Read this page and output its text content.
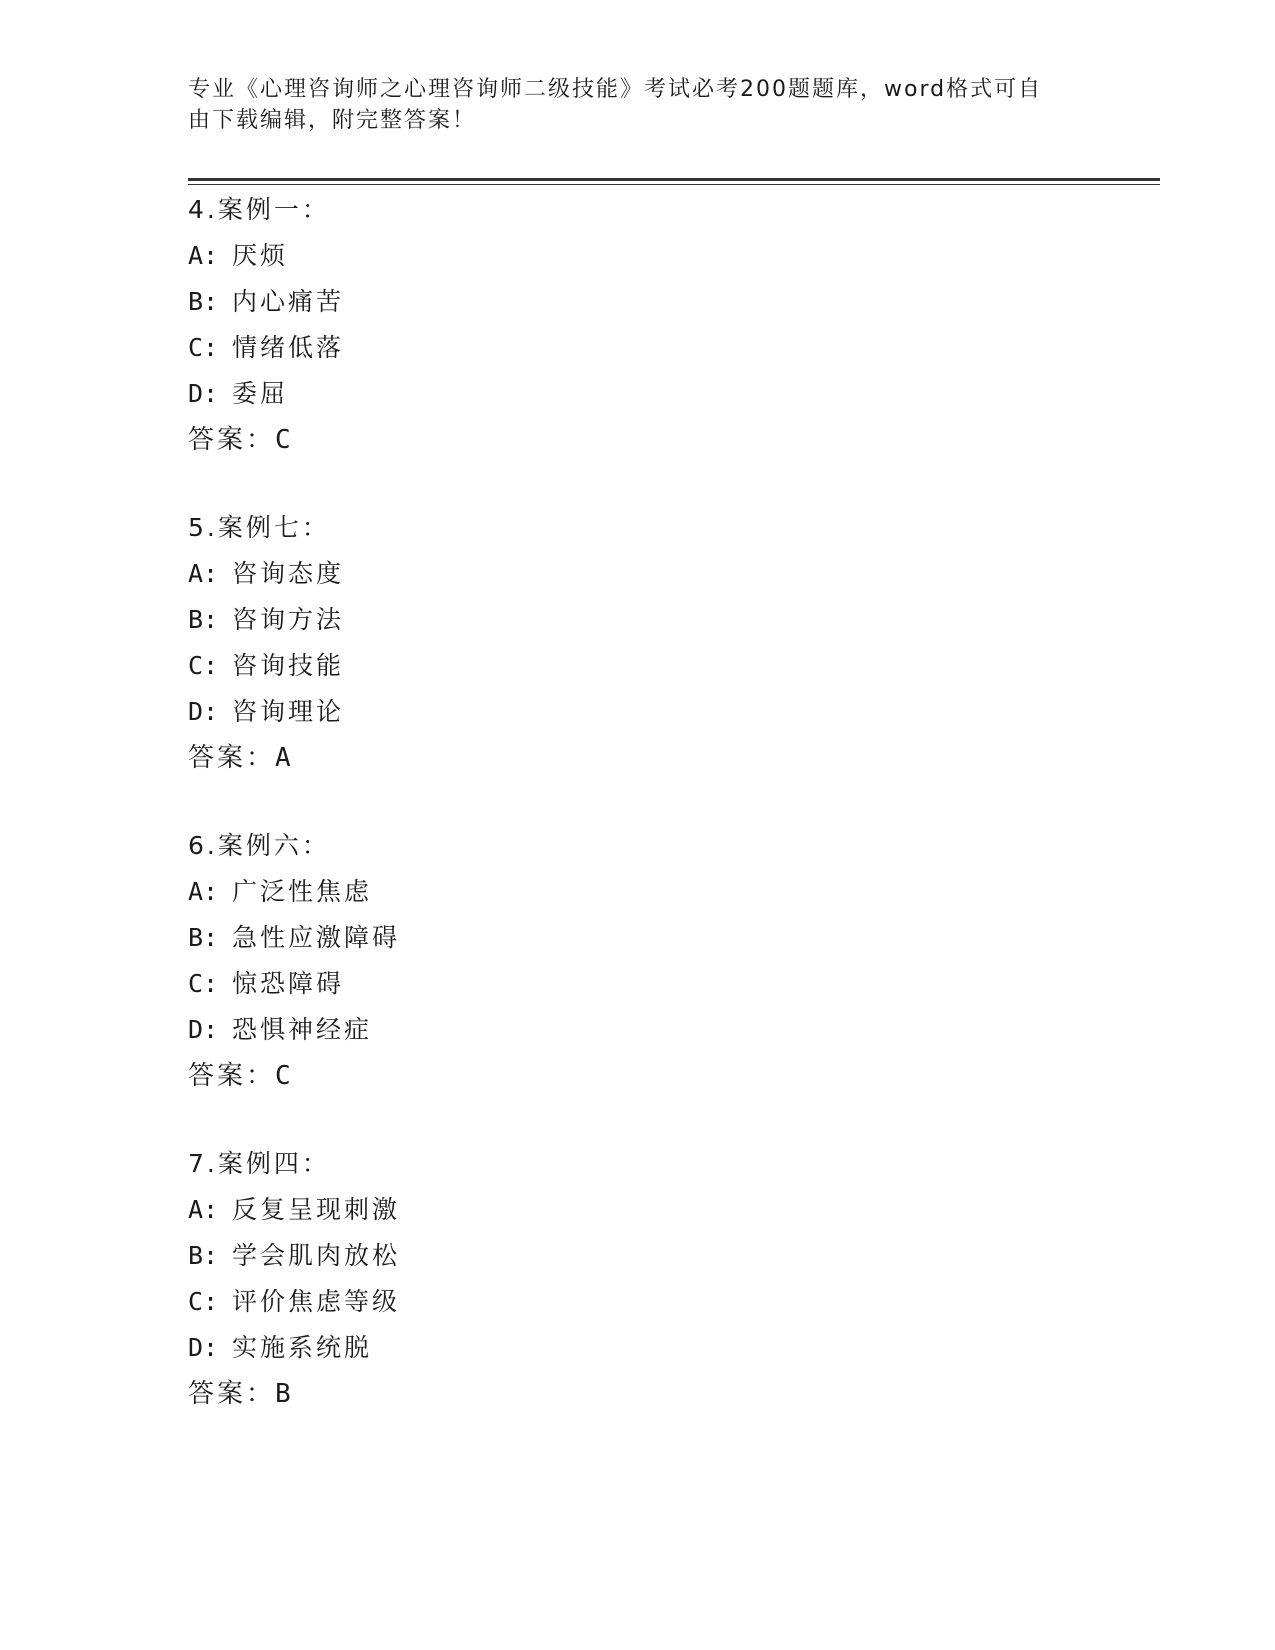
专业《心理咨询师之心理咨询师二级技能》考试必考200题题库，word格式可自
由下载编辑，附完整答案！
4.案例一：
A: 厌烦
B: 内心痛苦
C: 情绪低落
D: 委屈
答案：C
5.案例七：
A: 咨询态度
B: 咨询方法
C: 咨询技能
D: 咨询理论
答案：A
6.案例六：
A: 广泛性焦虑
B: 急性应激障碍
C: 惊恐障碍
D: 恐惧神经症
答案：C
7.案例四：
A: 反复呈现刺激
B: 学会肌肉放松
C: 评价焦虑等级
D: 实施系统脱
答案：B
